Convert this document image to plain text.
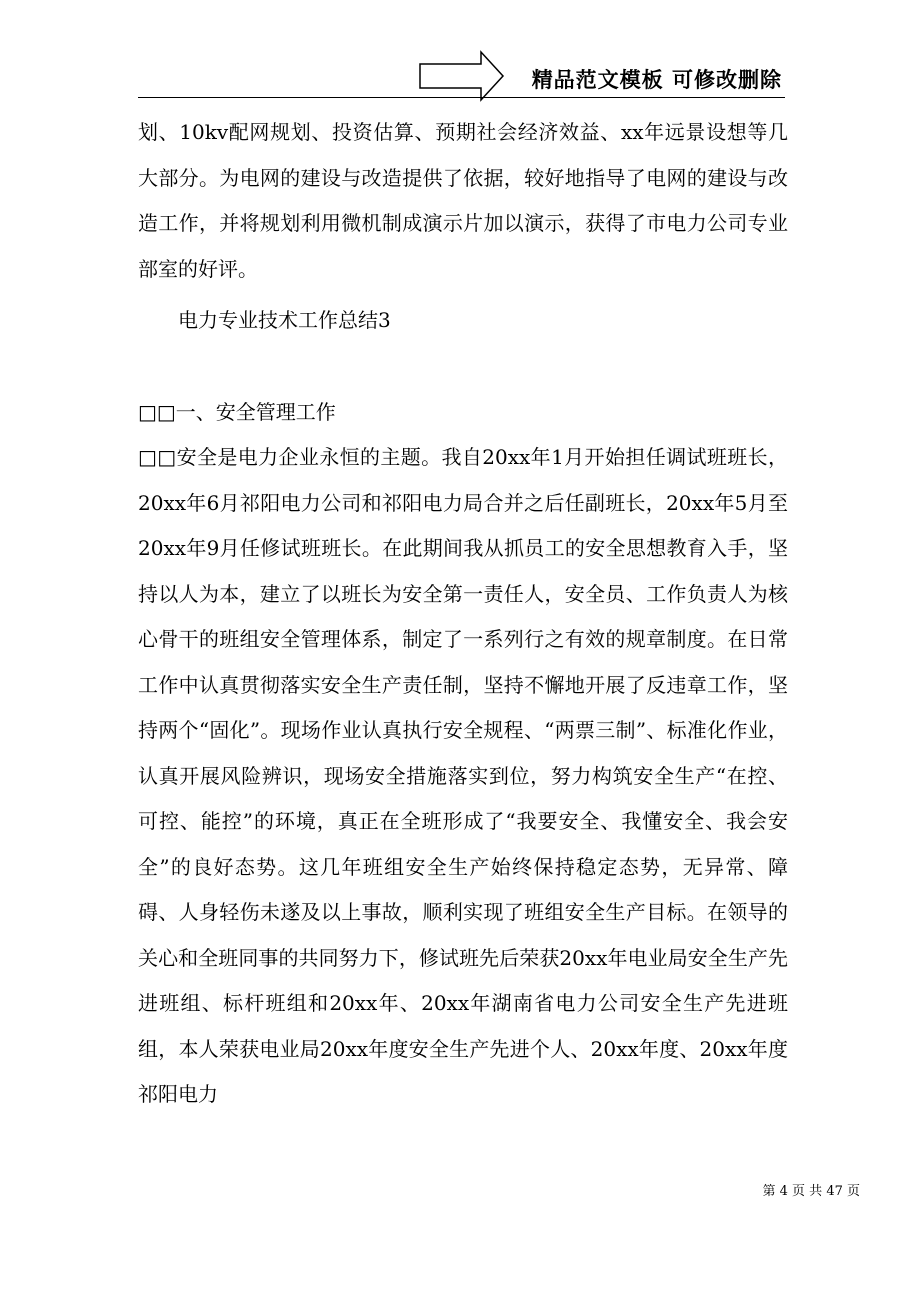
精品范文模板 可修改删除

划、10kv配网规划、投资估算、预期社会经济效益、xx年远景设想等几大部分。为电网的建设与改造提供了依据，较好地指导了电网的建设与改造工作，并将规划利用微机制成演示片加以演示，获得了市电力公司专业部室的好评。

电力专业技术工作总结3

□□一、安全管理工作

□□安全是电力企业永恒的主题。我自20xx年1月开始担任调试班班长，20xx年6月祁阳电力公司和祁阳电力局合并之后任副班长，20xx年5月至20xx年9月任修试班班长。在此期间我从抓员工的安全思想教育入手，坚持以人为本，建立了以班长为安全第一责任人，安全员、工作负责人为核心骨干的班组安全管理体系，制定了一系列行之有效的规章制度。在日常工作中认真贯彻落实安全生产责任制，坚持不懈地开展了反违章工作，坚持两个“固化”。现场作业认真执行安全规程、“两票三制”、标准化作业，认真开展风险辨识，现场安全措施落实到位，努力构筑安全生产“在控、可控、能控”的环境，真正在全班形成了“我要安全、我懂安全、我会安全”的良好态势。这几年班组安全生产始终保持稳定态势，无异常、障碍、人身轻伤未遂及以上事故，顺利实现了班组安全生产目标。在领导的关心和全班同事的共同努力下，修试班先后荣获20xx年电业局安全生产先进班组、标杆班组和20xx年、20xx年湖南省电力公司安全生产先进班组，本人荣获电业局20xx年度安全生产先进个人、20xx年度、20xx年度祁阳电力

第 4 页 共 47 页
